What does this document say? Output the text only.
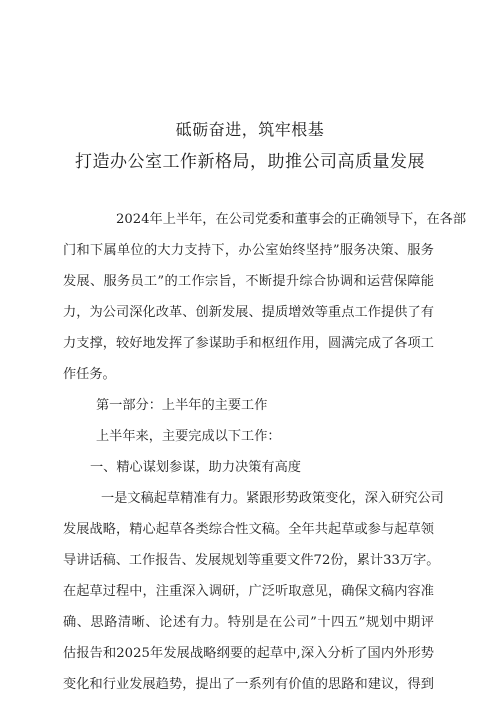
砥砺奋进，筑牢根基
打造办公室工作新格局，助推公司高质量发展
2024年上半年，在公司党委和董事会的正确领导下，在各部
门和下属单位的大力支持下，办公室始终坚持”服务决策、服务
发展、服务员工”的工作宗旨，不断提升综合协调和运营保障能
力，为公司深化改革、创新发展、提质增效等重点工作提供了有
力支撑，较好地发挥了参谋助手和枢纽作用，圆满完成了各项工
作任务。
第一部分：上半年的主要工作
上半年来，主要完成以下工作：
一、精心谋划参谋，助力决策有高度
一是文稿起草精准有力。紧跟形势政策变化，深入研究公司
发展战略，精心起草各类综合性文稿。全年共起草或参与起草领
导讲话稿、工作报告、发展规划等重要文件72份，累计33万字。
在起草过程中，注重深入调研，广泛听取意见，确保文稿内容准
确、思路清晰、论述有力。特别是在公司”十四五”规划中期评
估报告和2025年发展战略纲要的起草中,深入分析了国内外形势
变化和行业发展趋势，提出了一系列有价值的思路和建议，得到
